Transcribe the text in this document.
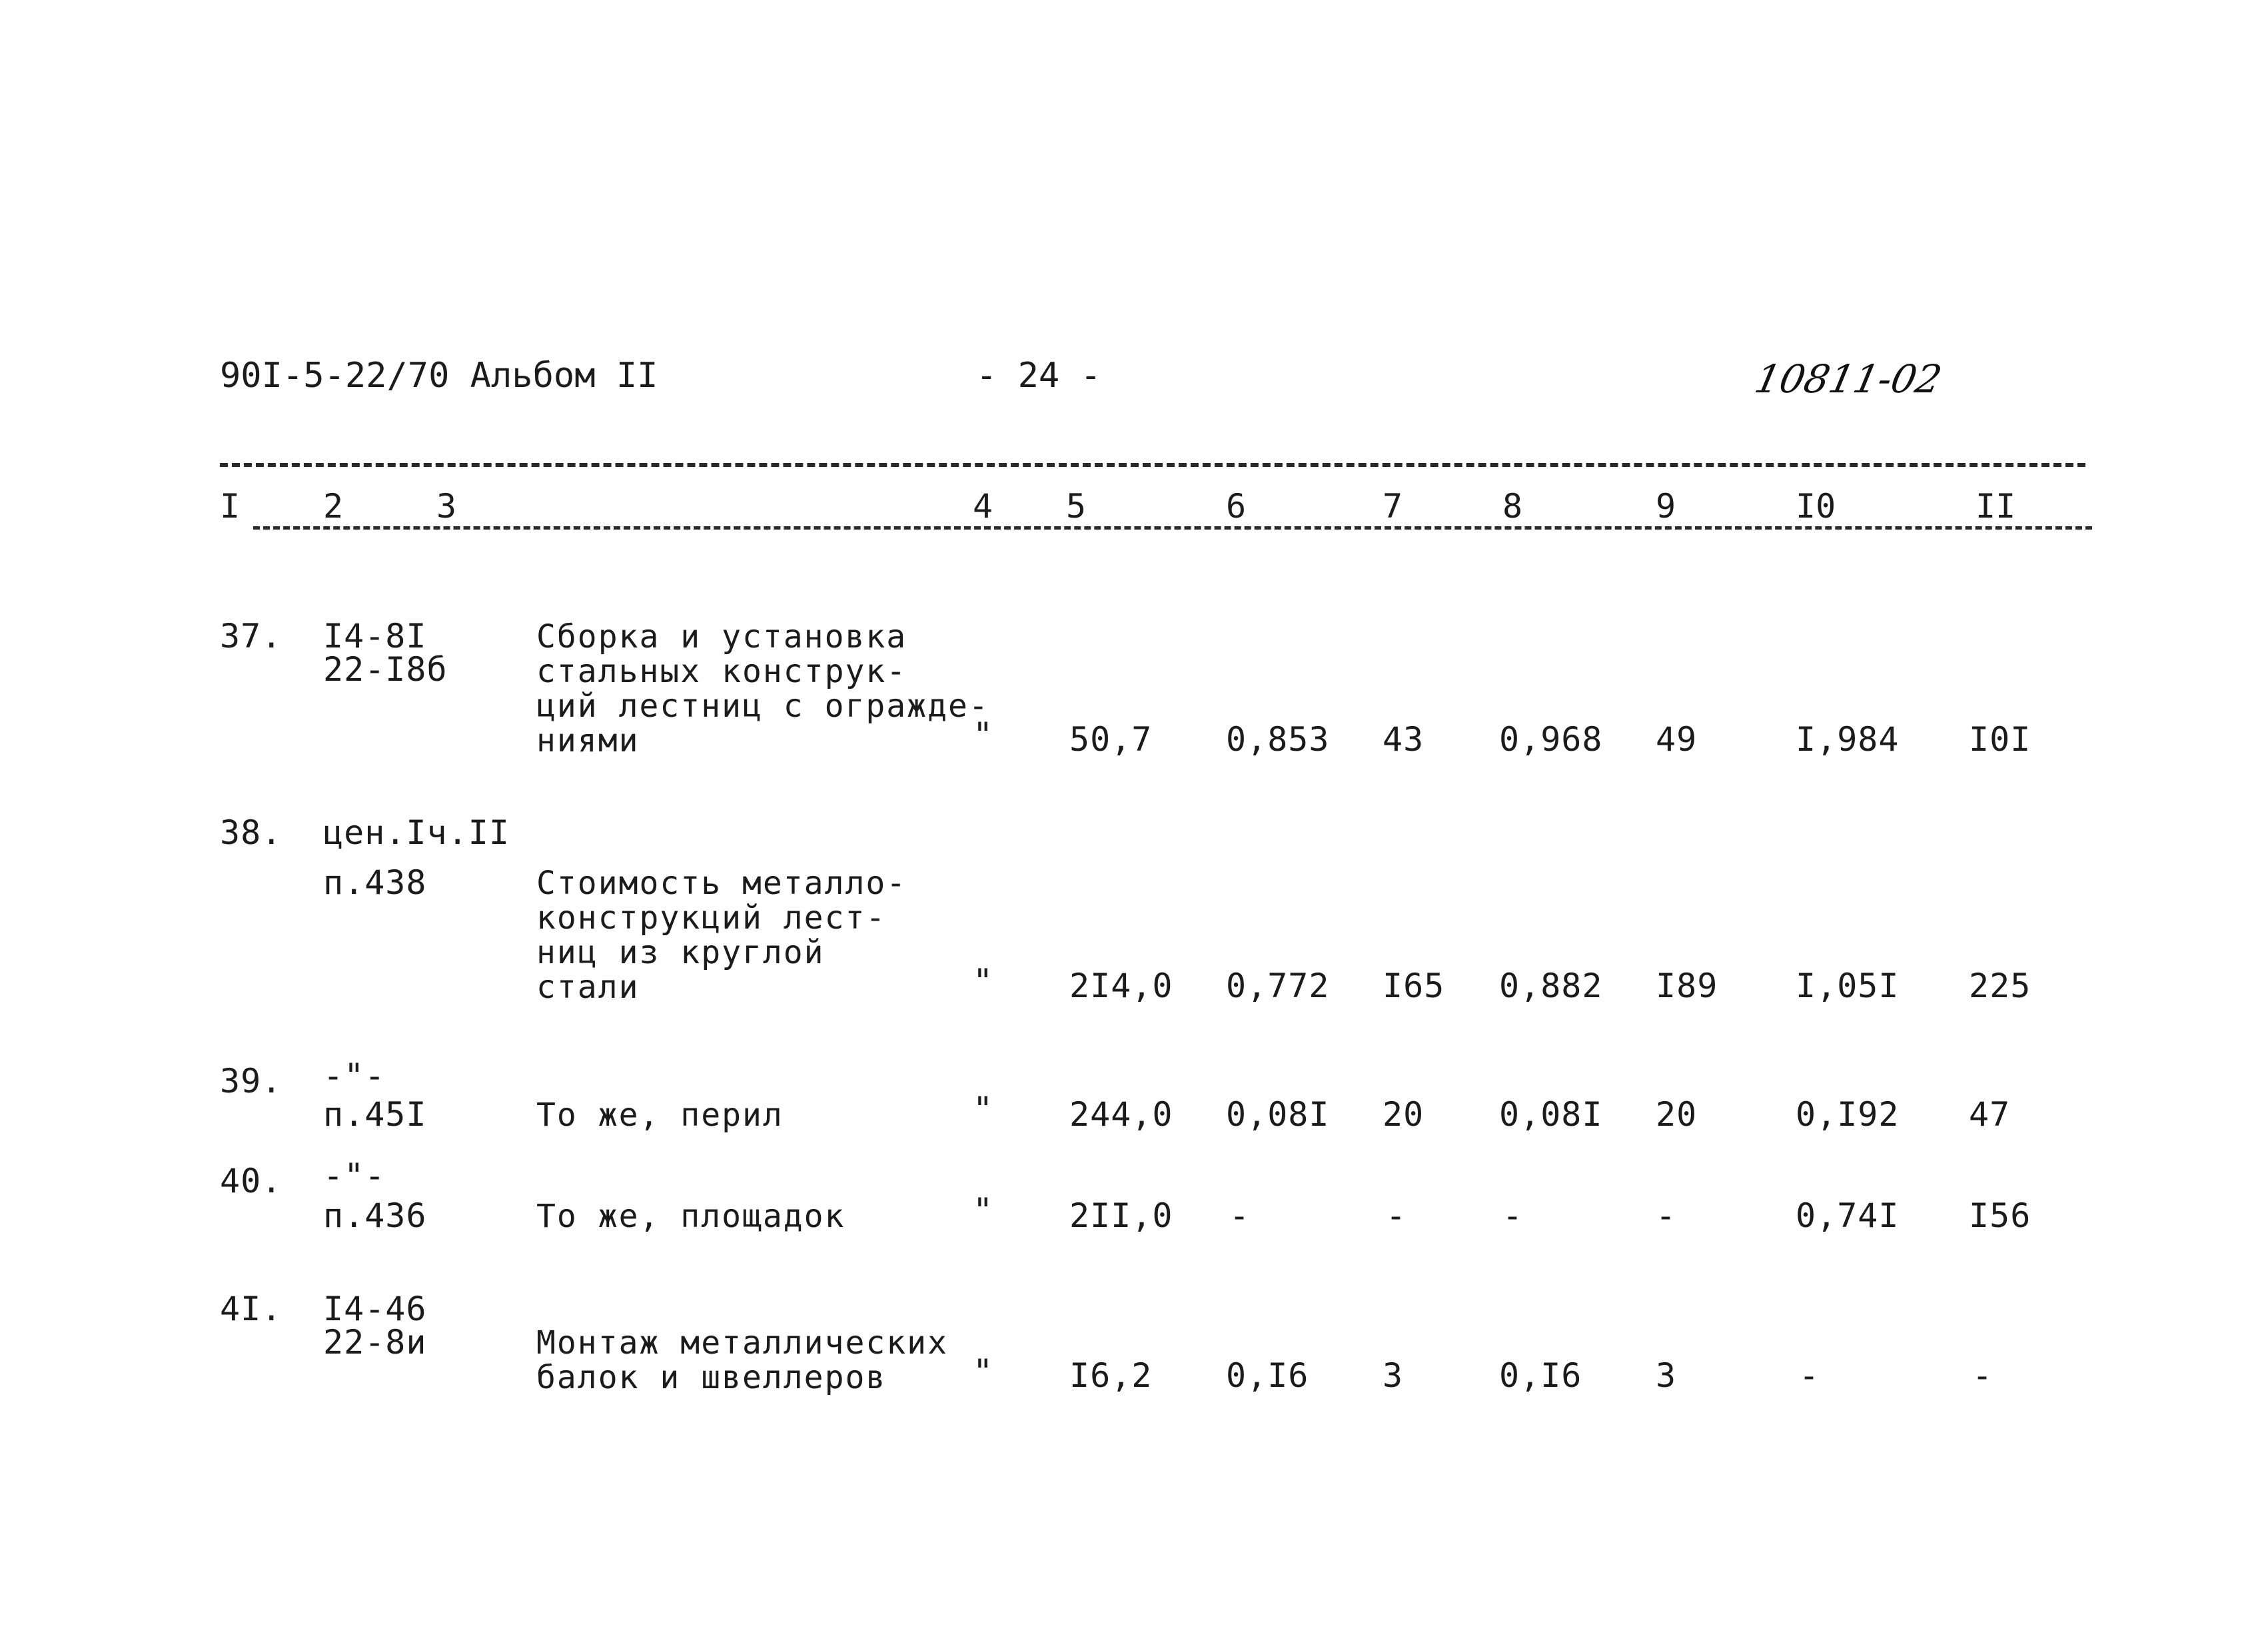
90I-5-22/70 Альбом II	- 24 -	10811-02
I 2	3	4 5	6	7	8	9	I0	II
37. I4-8I
22-I8б
Сборка и установка
стальных конструк-
ций лестниц с огражде-
ниями	" 50,7 0,853 43 0,968 49	I,984 I0I
38. цен.Iч.II
п.438	Стоимость металло-
конструкций лест-
ниц из круглой
стали	" 2I4,0 0,772 I65 0,882 I89 I,05I 225
39. -"-
п.45I	То же, перил	" 244,0 0,08I 20 0,08I 20	0,I92 47
40. -"-
п.436	То же, площадок	" 2II,0 -	-	-	-	0,74I I56
4I. I4-46
22-8и	Монтаж металлических
балок и швеллеров	" I6,2 0,I6 3	0,I6 3	-	-
